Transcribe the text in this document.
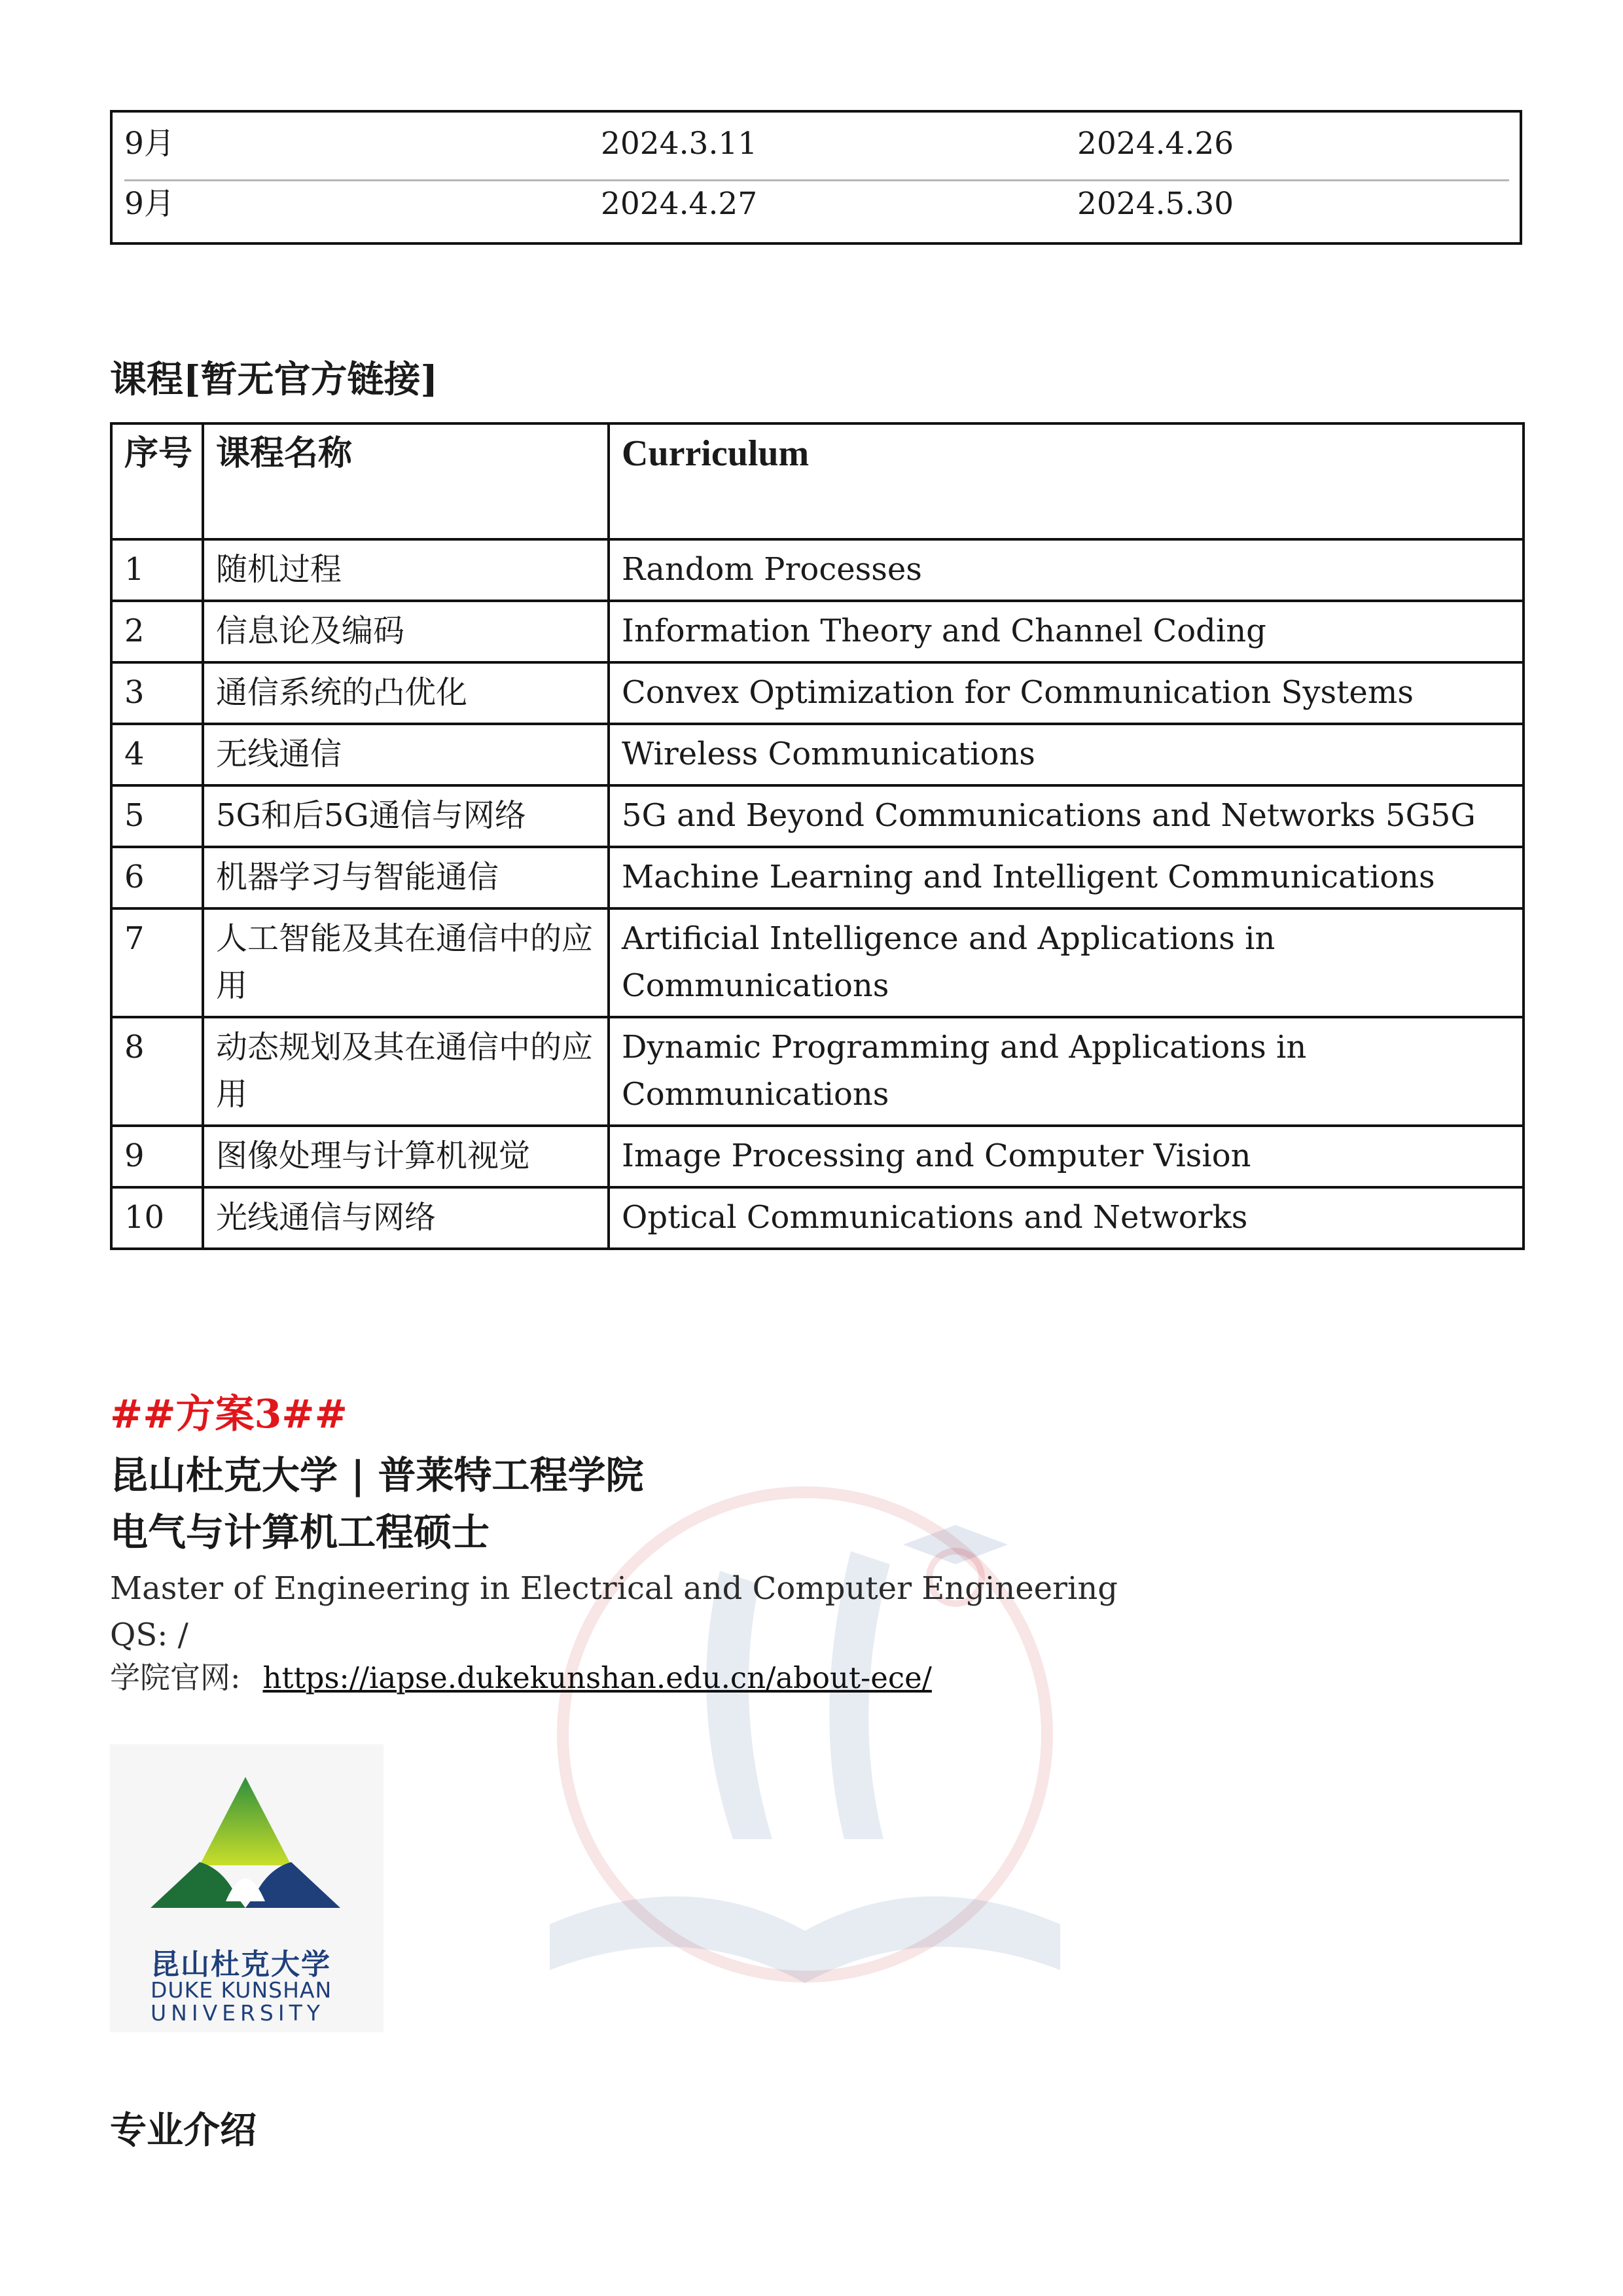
9月	2024.3.11	2024.4.26
9月	2024.4.27	2024.5.30
课程[暂无官方链接]
序号	课程名称	Curriculum
1	随机过程	Random Processes
2	信息论及编码	Information Theory and Channel Coding
3	通信系统的凸优化	Convex Optimization for Communication Systems
4	无线通信	Wireless Communications
5	5G和后5G通信与网络	5G and Beyond Communications and Networks 5G5G
6	机器学习与智能通信	Machine Learning and Intelligent Communications
7	人工智能及其在通信中的应用	Artificial Intelligence and Applications in Communications
8	动态规划及其在通信中的应用	Dynamic Programming and Applications in Communications
9	图像处理与计算机视觉	Image Processing and Computer Vision
10	光线通信与网络	Optical Communications and Networks
##方案3##
昆山杜克大学 | 普莱特工程学院
电气与计算机工程硕士
Master of Engineering in Electrical and Computer Engineering
QS: /
学院官网: https://iapse.dukekunshan.edu.cn/about-ece/
昆山杜克大学
DUKE KUNSHAN
UNIVERSITY
专业介绍
